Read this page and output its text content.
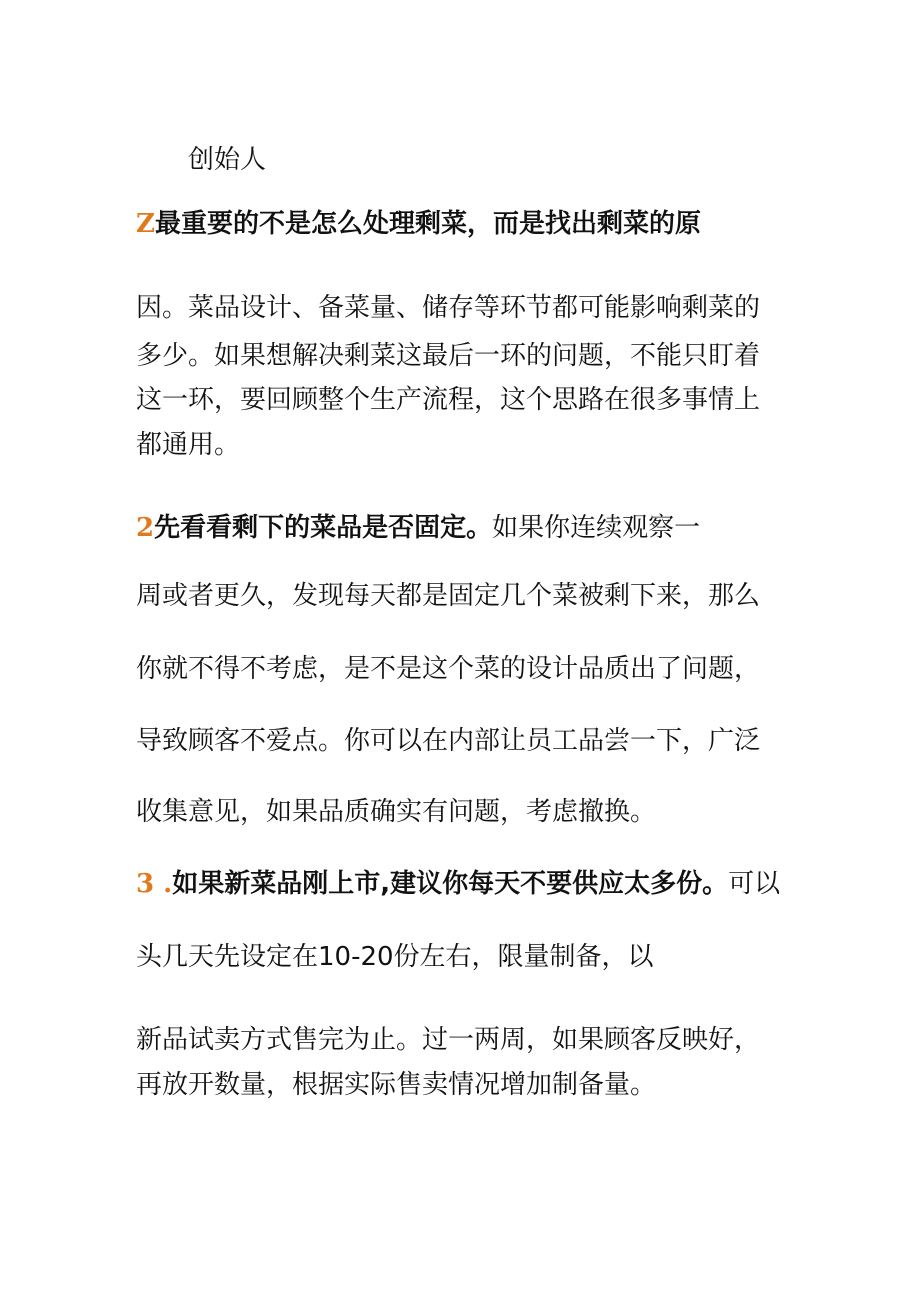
创始人
Z最重要的不是怎么处理剩菜，而是找出剩菜的原
因。菜品设计、备菜量、储存等环节都可能影响剩菜的
多少。如果想解决剩菜这最后一环的问题，不能只盯着
这一环，要回顾整个生产流程，这个思路在很多事情上
都通用。
2先看看剩下的菜品是否固定。如果你连续观察一
周或者更久，发现每天都是固定几个菜被剩下来，那么
你就不得不考虑，是不是这个菜的设计品质出了问题，
导致顾客不爱点。你可以在内部让员工品尝一下，广泛
收集意见，如果品质确实有问题，考虑撤换。
3 .如果新菜品刚上市,建议你每天不要供应太多份。可以
头几天先设定在10-20份左右，限量制备，以
新品试卖方式售完为止。过一两周，如果顾客反映好，
再放开数量，根据实际售卖情况增加制备量。
